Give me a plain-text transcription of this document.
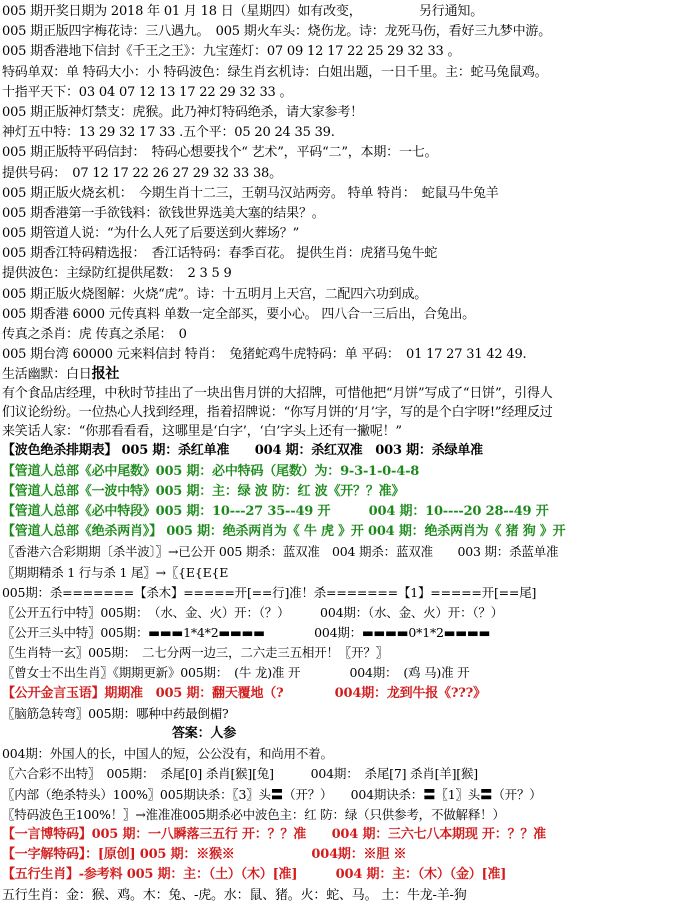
005 期开奖日期为 2018 年 01 月 18 日（星期四）如有改变，　　　　　另行通知。
005 期正版四字梅花诗：三八遇九。　005 期火车头：烧伤龙。诗：龙死马伤，看好三九梦中游。
005 期香港地下信封《千王之王》：九宝莲灯：07 09 12 17 22 25 29 32 33 。
特码单双：单 特码大小：小 特码波色：绿生肖玄机诗：白姐出题，一日千里。主：蛇马兔鼠鸡。
十指平天下：03 04 07 12 13 17 22 29 32 33 。
005 期正版神灯禁支：虎猴。此乃神灯特码绝杀，请大家参考！
神灯五中特：13 29 32 17 33 .五个平：05 20 24 35 39.
005 期正版特平码信封：　特码心想要找个“ 艺术”，平码“二”，本期：一七。
提供号码：　07 12 17 22 26 27 29 32 33 38。
005 期正版火烧玄机：　今期生肖十二三，王朝马汉站两旁。 特单 特肖：　蛇鼠马牛兔羊
005 期香港第一手欲钱料：欲钱世界选美大塞的结果？。
005 期管道人说：“为什么人死了后要送到火葬场？”
005 期香江特码精选报：　香江话特码：春季百花。 提供生肖：虎猪马兔牛蛇
提供波色：主绿防红提供尾数：　2 3 5 9
005 期正版火烧图解：火烧“虎”。诗：十五明月上天宫，二配四六功到成。
005 期香港 6000 元传真料 单数一定全部买，要小心。 四八合一三后出，合兔出。
传真之杀肖：虎 传真之杀尾：　0
005 期台湾 60000 元来料信封 特肖：　兔猪蛇鸡牛虎特码：单 平码：　01 17 27 31 42 49.
生活幽默：白日报社
有个食品店经理，中秋时节挂出了一块出售月饼的大招牌，可惜他把“月饼”写成了“日饼”，引得人
们议论纷纷。一位热心人找到经理，指着招牌说：“你写月饼的‘月’字，写的是个白字呀!”经理反过
来笑话人家：“你那看看看，这哪里是‘白字’，‘白’字头上还有一撇呢！”
【波色绝杀排期表】 005 期：杀红单准　　004 期：杀红双准　003 期：杀绿单准
【管道人总部《必中尾数》005 期：必中特码（尾数）为：9-3-1-0-4-8
【管道人总部《一波中特》005 期：主：绿 波 防：红 波《开？？准》
【管道人总部《必中特段》005 期：10---27 35--49 开　　　004 期：10----20 28--49 开
【管道人总部《绝杀两肖》】 005 期：绝杀两肖为《 牛 虎 》开 004 期：绝杀两肖为《 猪 狗 》开
〖香港六合彩期期〔杀半波〕〗→已公开 005 期杀：蓝双准　004 期杀：蓝双准　　003 期：杀蓝单准
〖期期精杀 1 行与杀 1 尾〗→〖{E{E{E
005期：杀=======【杀木】=====开[==行]准！杀=======【1】=====开[==尾]
〖公开五行中特〗005期：　（水、金、火）开：（？）　　　004期：（水、金、火）开：（？）
〖公开三头中特〗005期：▬▬▬1*4*2▬▬▬▬　　　　004期：▬▬▬▬0*1*2▬▬▬▬
〖生肖特一玄〗005期：　二七分两一边三，二六走三五相开！〖开？〗
〖曾女士不出生肖〗《期期更新》005期：　(牛 龙)准 开　　　　004期：　(鸡 马)准 开
【公开金言玉语】期期准　005 期：翻天覆地（?　　　　004期：龙到牛报《???》
〖脑筋急转弯〗005期：哪种中药最倒楣?
答案：人参
004期：外国人的长，中国人的短，公公没有，和尚用不着。
〖六合彩不出特〗　005期：　杀尾[0] 杀肖[猴][兔]　　　004期：　杀尾[7] 杀肖[羊][猴]
〖内部（绝杀特头）100%〗005期诀杀：〖3〗头〓（开？）　　004期诀杀：〓〖1〗头〓（开？）
〖特码波色王100%！〗→淮准准005期杀必中波色主：红 防：绿（只供参考，不做解释！）
【一言博特码】005 期：一八瞬落三五行 开：？？准　　004 期：三六七八本期现 开：？？准
【一字解特码】：[原创] 005 期：※猴※　　　　　　004期：※胆 ※
【五行生肖】-参考料 005 期：主：（土）（木）[准]　　　004 期：主：（木）（金）[准]
五行生肖：金：猴、鸡。木：兔、-虎。水：鼠、猪。火：蛇、马。 土：牛龙-羊-狗
